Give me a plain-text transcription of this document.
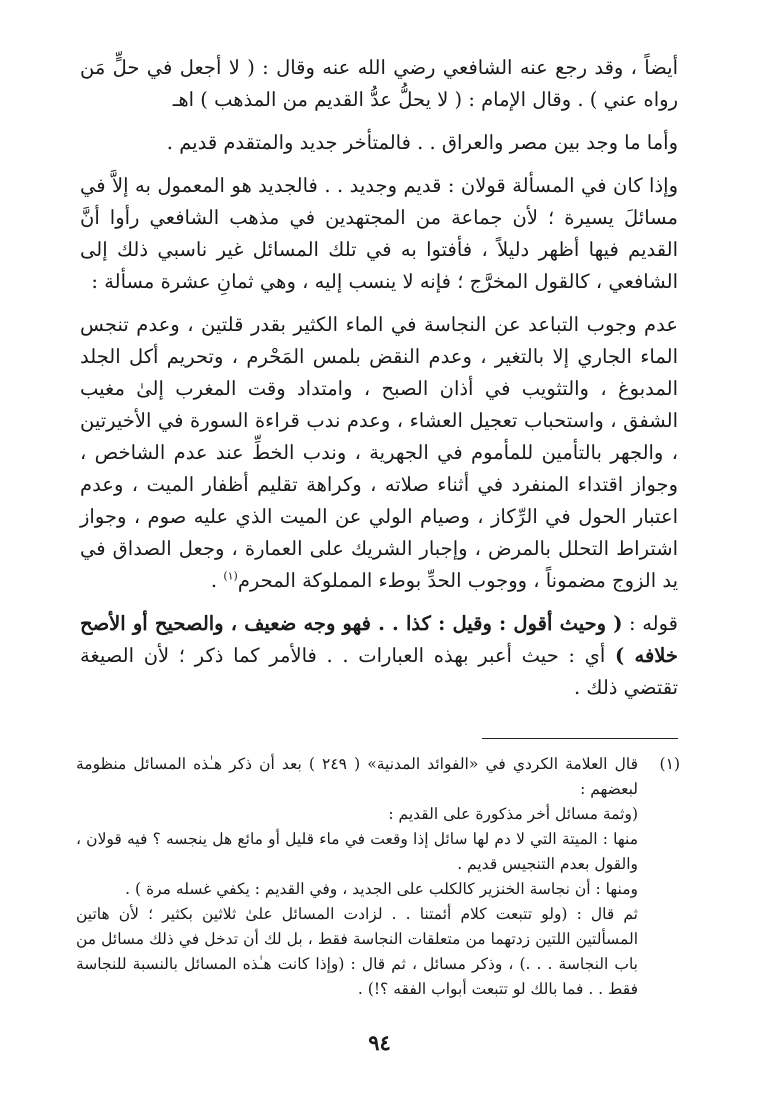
أيضاً ، وقد رجع عنه الشافعي رضي الله عنه وقال : ( لا أجعل في حلٍّ مَن رواه عني ) . وقال الإمام : ( لا يحلُّ عدُّ القديم من المذهب ) اهـ

وأما ما وجد بين مصر والعراق . . فالمتأخر جديد والمتقدم قديم .

وإذا كان في المسألة قولان : قديم وجديد . . فالجديد هو المعمول به إلاَّ في مسائلَ يسيرة ؛ لأن جماعة من المجتهدين في مذهب الشافعي رأوا أنَّ القديم فيها أظهر دليلاً ، فأفتوا به في تلك المسائل غير ناسبي ذلك إلى الشافعي ، كالقول المخرَّج ؛ فإنه لا ينسب إليه ، وهي ثمانِ عشرة مسألة :

عدم وجوب التباعد عن النجاسة في الماء الكثير بقدر قلتين ، وعدم تنجس الماء الجاري إلا بالتغير ، وعدم النقض بلمس المَحْرم ، وتحريم أكل الجلد المدبوغ ، والتثويب في أذان الصبح ، وامتداد وقت المغرب إلىٰ مغيب الشفق ، واستحباب تعجيل العشاء ، وعدم ندب قراءة السورة في الأخيرتين ، والجهر بالتأمين للمأموم في الجهرية ، وندب الخطِّ عند عدم الشاخص ، وجواز اقتداء المنفرد في أثناء صلاته ، وكراهة تقليم أظفار الميت ، وعدم اعتبار الحول في الرِّكاز ، وصيام الولي عن الميت الذي عليه صوم ، وجواز اشتراط التحلل بالمرض ، وإجبار الشريك على العمارة ، وجعل الصداق في يد الزوج مضموناً ، ووجوب الحدِّ بوطء المملوكة المحرم$^{(١)}$ .

قوله : ( وحيث أقول : وقيل : كذا . . فهو وجه ضعيف ، والصحيح أو الأصح خلافه ) أي : حيث أعبر بهذه العبارات . . فالأمر كما ذكر ؛ لأن الصيغة تقتضي ذلك .

(١)

قال العلامة الكردي في «الفوائد المدنية» ( ٢٤٩ ) بعد أن ذكر هـٰذه المسائل منظومة لبعضهم :

(وثمة مسائل أخر مذكورة على القديم :

منها : الميتة التي لا دم لها سائل إذا وقعت في ماء قليل أو مائع هل ينجسه ؟ فيه قولان ، والقول بعدم التنجيس قديم .

ومنها : أن نجاسة الخنزير كالكلب على الجديد ، وفي القديم : يكفي غسله مرة ) .

ثم قال : (ولو تتبعت كلام أئمتنا . . لزادت المسائل علىٰ ثلاثين بكثير ؛ لأن هاتين المسألتين اللتين زدتهما من متعلقات النجاسة فقط ، بل لك أن تدخل في ذلك مسائل من باب النجاسة . . .) ، وذكر مسائل ، ثم قال : (وإذا كانت هـٰذه المسائل بالنسبة للنجاسة فقط . . فما بالك لو تتبعت أبواب الفقه ؟!) .

٩٤
